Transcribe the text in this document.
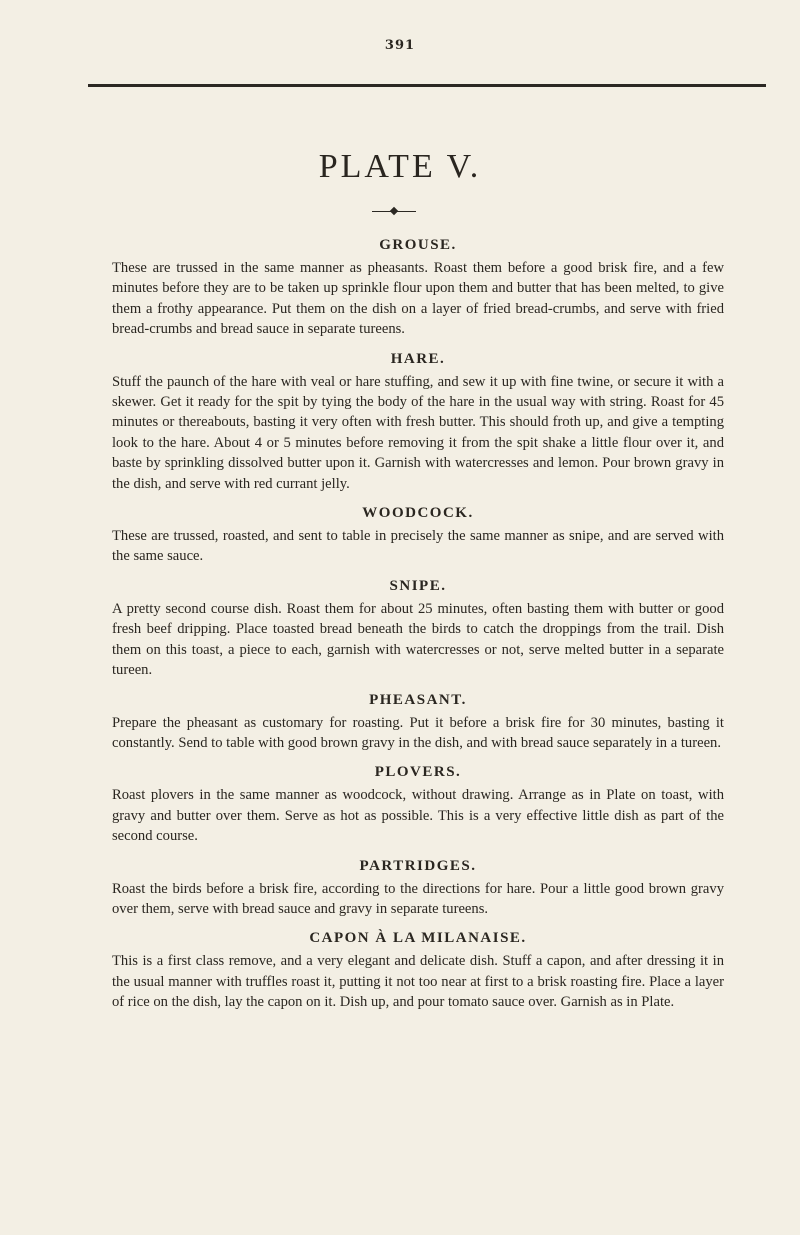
391
PLATE V.
GROUSE.

These are trussed in the same manner as pheasants. Roast them before a good brisk fire, and a few minutes before they are to be taken up sprinkle flour upon them and butter that has been melted, to give them a frothy appearance. Put them on the dish on a layer of fried bread-crumbs, and serve with fried bread-crumbs and bread sauce in separate tureens.

HARE.

Stuff the paunch of the hare with veal or hare stuffing, and sew it up with fine twine, or secure it with a skewer. Get it ready for the spit by tying the body of the hare in the usual way with string. Roast for 45 minutes or thereabouts, basting it very often with fresh butter. This should froth up, and give a tempting look to the hare. About 4 or 5 minutes before removing it from the spit shake a little flour over it, and baste by sprinkling dissolved butter upon it. Garnish with watercresses and lemon. Pour brown gravy in the dish, and serve with red currant jelly.

WOODCOCK.

These are trussed, roasted, and sent to table in precisely the same manner as snipe, and are served with the same sauce.

SNIPE.

A pretty second course dish. Roast them for about 25 minutes, often basting them with butter or good fresh beef dripping. Place toasted bread beneath the birds to catch the droppings from the trail. Dish them on this toast, a piece to each, garnish with watercresses or not, serve melted butter in a separate tureen.

PHEASANT.

Prepare the pheasant as customary for roasting. Put it before a brisk fire for 30 minutes, basting it constantly. Send to table with good brown gravy in the dish, and with bread sauce separately in a tureen.

PLOVERS.

Roast plovers in the same manner as woodcock, without drawing. Arrange as in Plate on toast, with gravy and butter over them. Serve as hot as possible. This is a very effective little dish as part of the second course.

PARTRIDGES.

Roast the birds before a brisk fire, according to the directions for hare. Pour a little good brown gravy over them, serve with bread sauce and gravy in separate tureens.

CAPON À LA MILANAISE.

This is a first class remove, and a very elegant and delicate dish. Stuff a capon, and after dressing it in the usual manner with truffles roast it, putting it not too near at first to a brisk roasting fire. Place a layer of rice on the dish, lay the capon on it. Dish up, and pour tomato sauce over. Garnish as in Plate.
